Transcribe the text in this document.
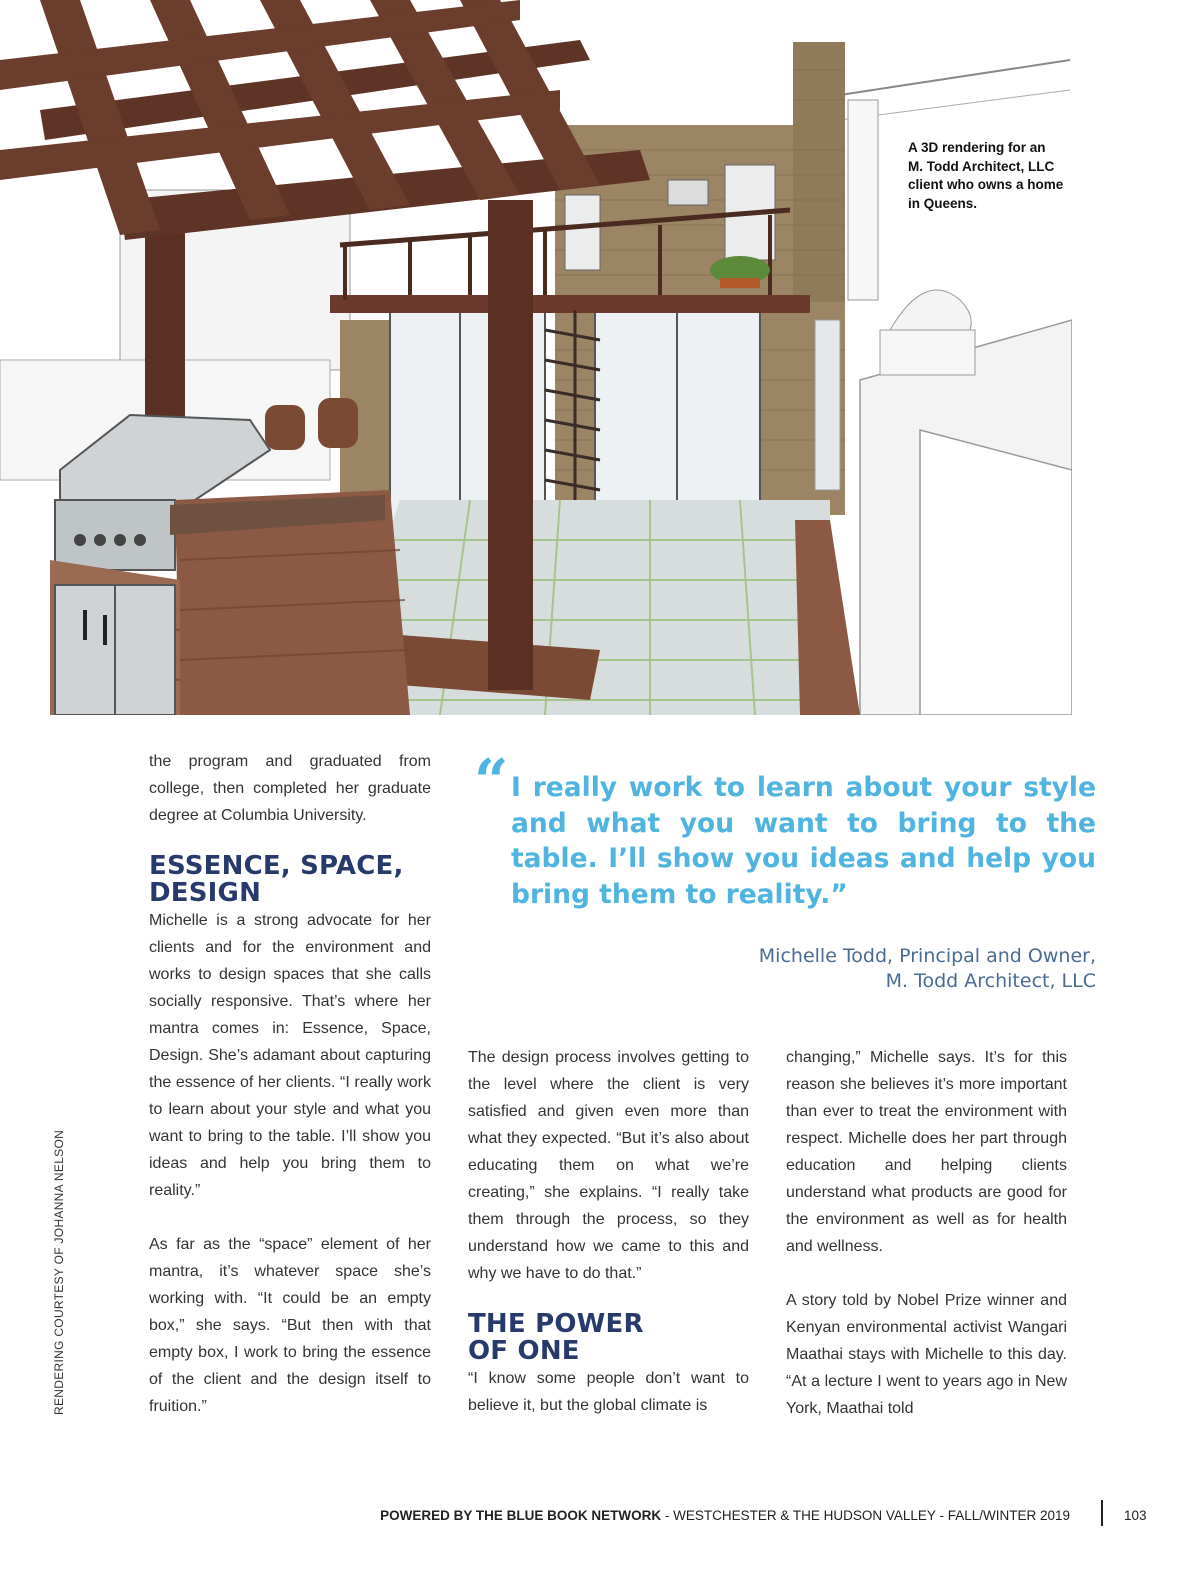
A 3D rendering for an
M. Todd Architect, LLC
client who owns a home
in Queens.
RENDERING COURTESY OF JOHANNA NELSON

the program and graduated from college, then completed her graduate degree at Columbia University.

ESSENCE, SPACE,
DESIGN

Michelle is a strong advocate for her clients and for the environment and works to design spaces that she calls socially responsive. That’s where her mantra comes in: Essence, Space, Design. She’s adamant about capturing the essence of her clients. “I really work to learn about your style and what you want to bring to the table. I’ll show you ideas and help you bring them to reality.”

As far as the “space” element of her mantra, it’s whatever space she’s working with. “It could be an empty box,” she says. “But then with that empty box, I work to bring the essence of the client and the design itself to fruition.”

“ I really work to learn about your style and what you want to bring to the table. I’ll show you ideas and help you bring them to reality.”

Michelle Todd, Principal and Owner,
M. Todd Architect, LLC

The design process involves getting to the level where the client is very satisfied and given even more than what they expected. “But it’s also about educating them on what we’re creating,” she explains. “I really take them through the process, so they understand how we came to this and why we have to do that.”

THE POWER
OF ONE

“I know some people don’t want to believe it, but the global climate is

changing,” Michelle says. It’s for this reason she believes it’s more important than ever to treat the environment with respect. Michelle does her part through education and helping clients understand what products are good for the environment as well as for health and wellness.

A story told by Nobel Prize winner and Kenyan environmental activist Wangari Maathai stays with Michelle to this day. “At a lecture I went to years ago in New York, Maathai told

POWERED BY THE BLUE BOOK NETWORK - WESTCHESTER & THE HUDSON VALLEY - FALL/WINTER 2019	103
